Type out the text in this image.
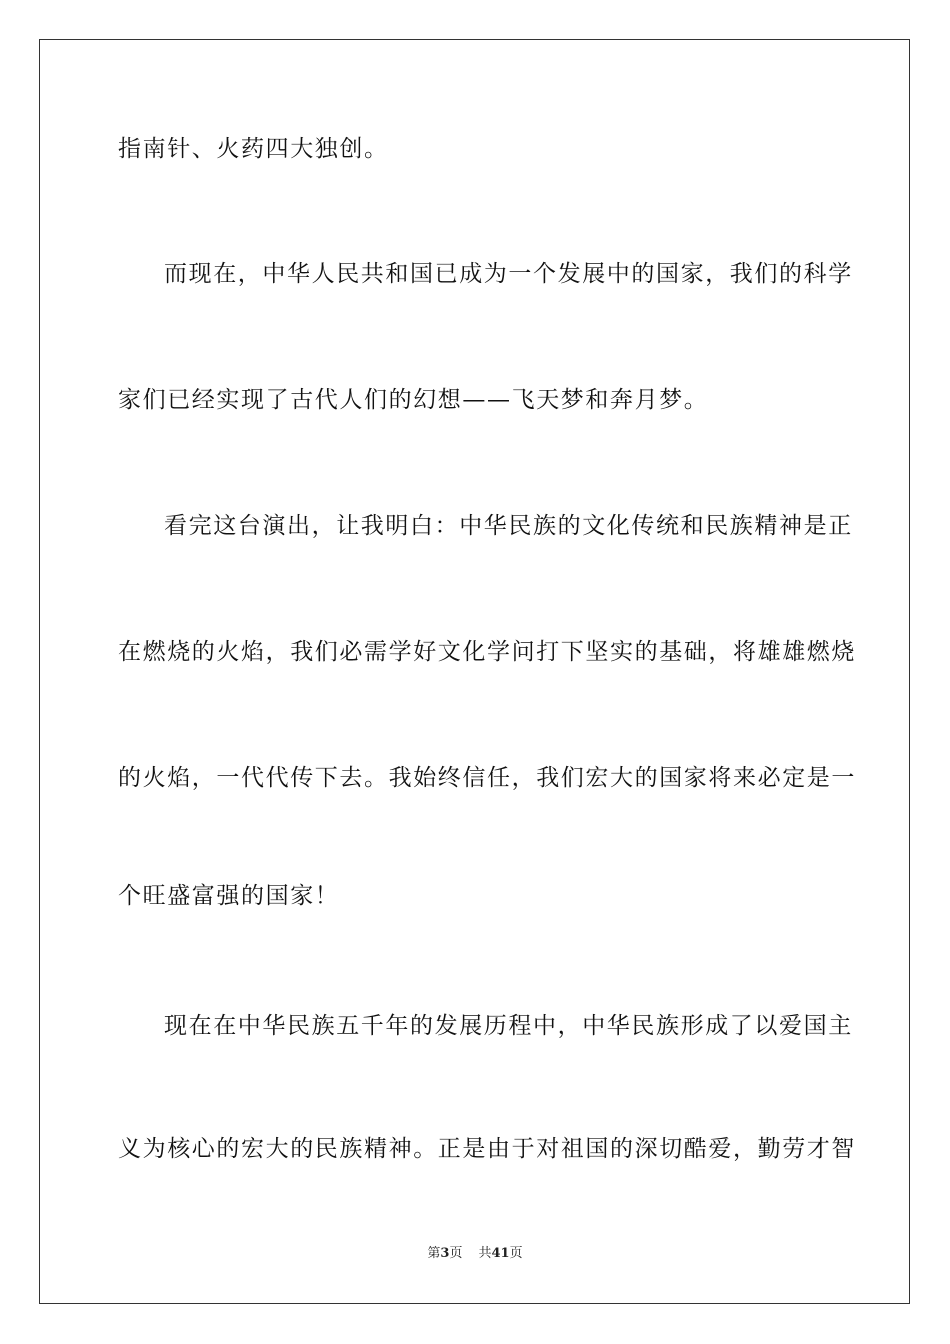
指南针、火药四大独创。
而现在，中华人民共和国已成为一个发展中的国家，我们的科学
家们已经实现了古代人们的幻想——飞天梦和奔月梦。
看完这台演出，让我明白：中华民族的文化传统和民族精神是正
在燃烧的火焰，我们必需学好文化学问打下坚实的基础，将雄雄燃烧
的火焰，一代代传下去。我始终信任，我们宏大的国家将来必定是一
个旺盛富强的国家！
现在在中华民族五千年的发展历程中，中华民族形成了以爱国主
义为核心的宏大的民族精神。正是由于对祖国的深切酷爱，勤劳才智
第3页 共41页
